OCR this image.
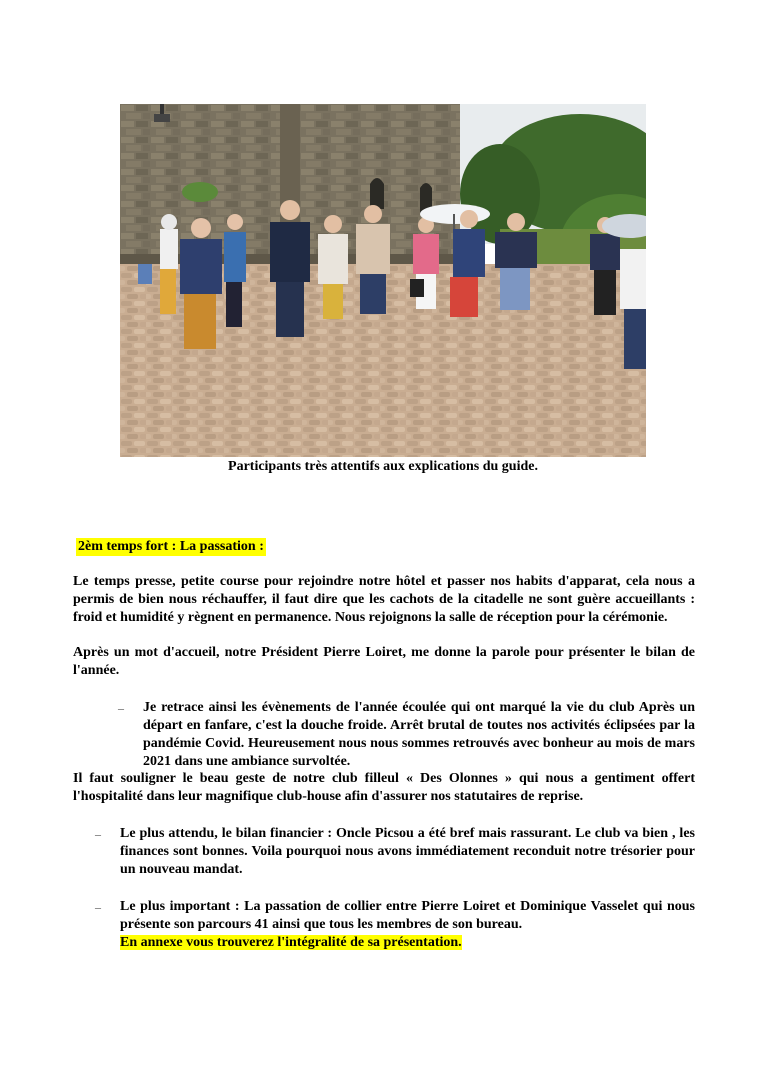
Participants très attentifs aux explications du guide.
2èm temps fort : La passation :
Le temps presse, petite course pour rejoindre notre hôtel et passer nos habits d'apparat, cela nous a permis de bien nous réchauffer, il faut dire que les cachots de la citadelle ne sont guère accueillants : froid et humidité y règnent en permanence. Nous rejoignons la salle de réception pour la cérémonie.
Après un mot d'accueil, notre Président Pierre Loiret, me donne la parole pour présenter le bilan de l'année.
– Je retrace ainsi les évènements de l'année écoulée qui ont marqué la vie du club Après un départ en fanfare, c'est la douche froide. Arrêt brutal de toutes nos activités éclipsées par la pandémie Covid. Heureusement nous nous sommes retrouvés avec bonheur au mois de mars 2021 dans une ambiance survoltée.
Il faut souligner le beau geste de notre club filleul « Des Olonnes » qui nous a gentiment offert l'hospitalité dans leur magnifique club-house afin d'assurer nos statutaires de reprise.
– Le plus attendu, le bilan financier : Oncle Picsou a été bref mais rassurant. Le club va bien , les finances sont bonnes. Voila pourquoi nous avons immédiatement reconduit notre trésorier pour un nouveau mandat.
– Le plus important : La passation de collier entre Pierre Loiret et Dominique Vasselet qui nous présente son parcours 41 ainsi que tous les membres de son bureau.
En annexe vous trouverez l'intégralité de sa présentation.
